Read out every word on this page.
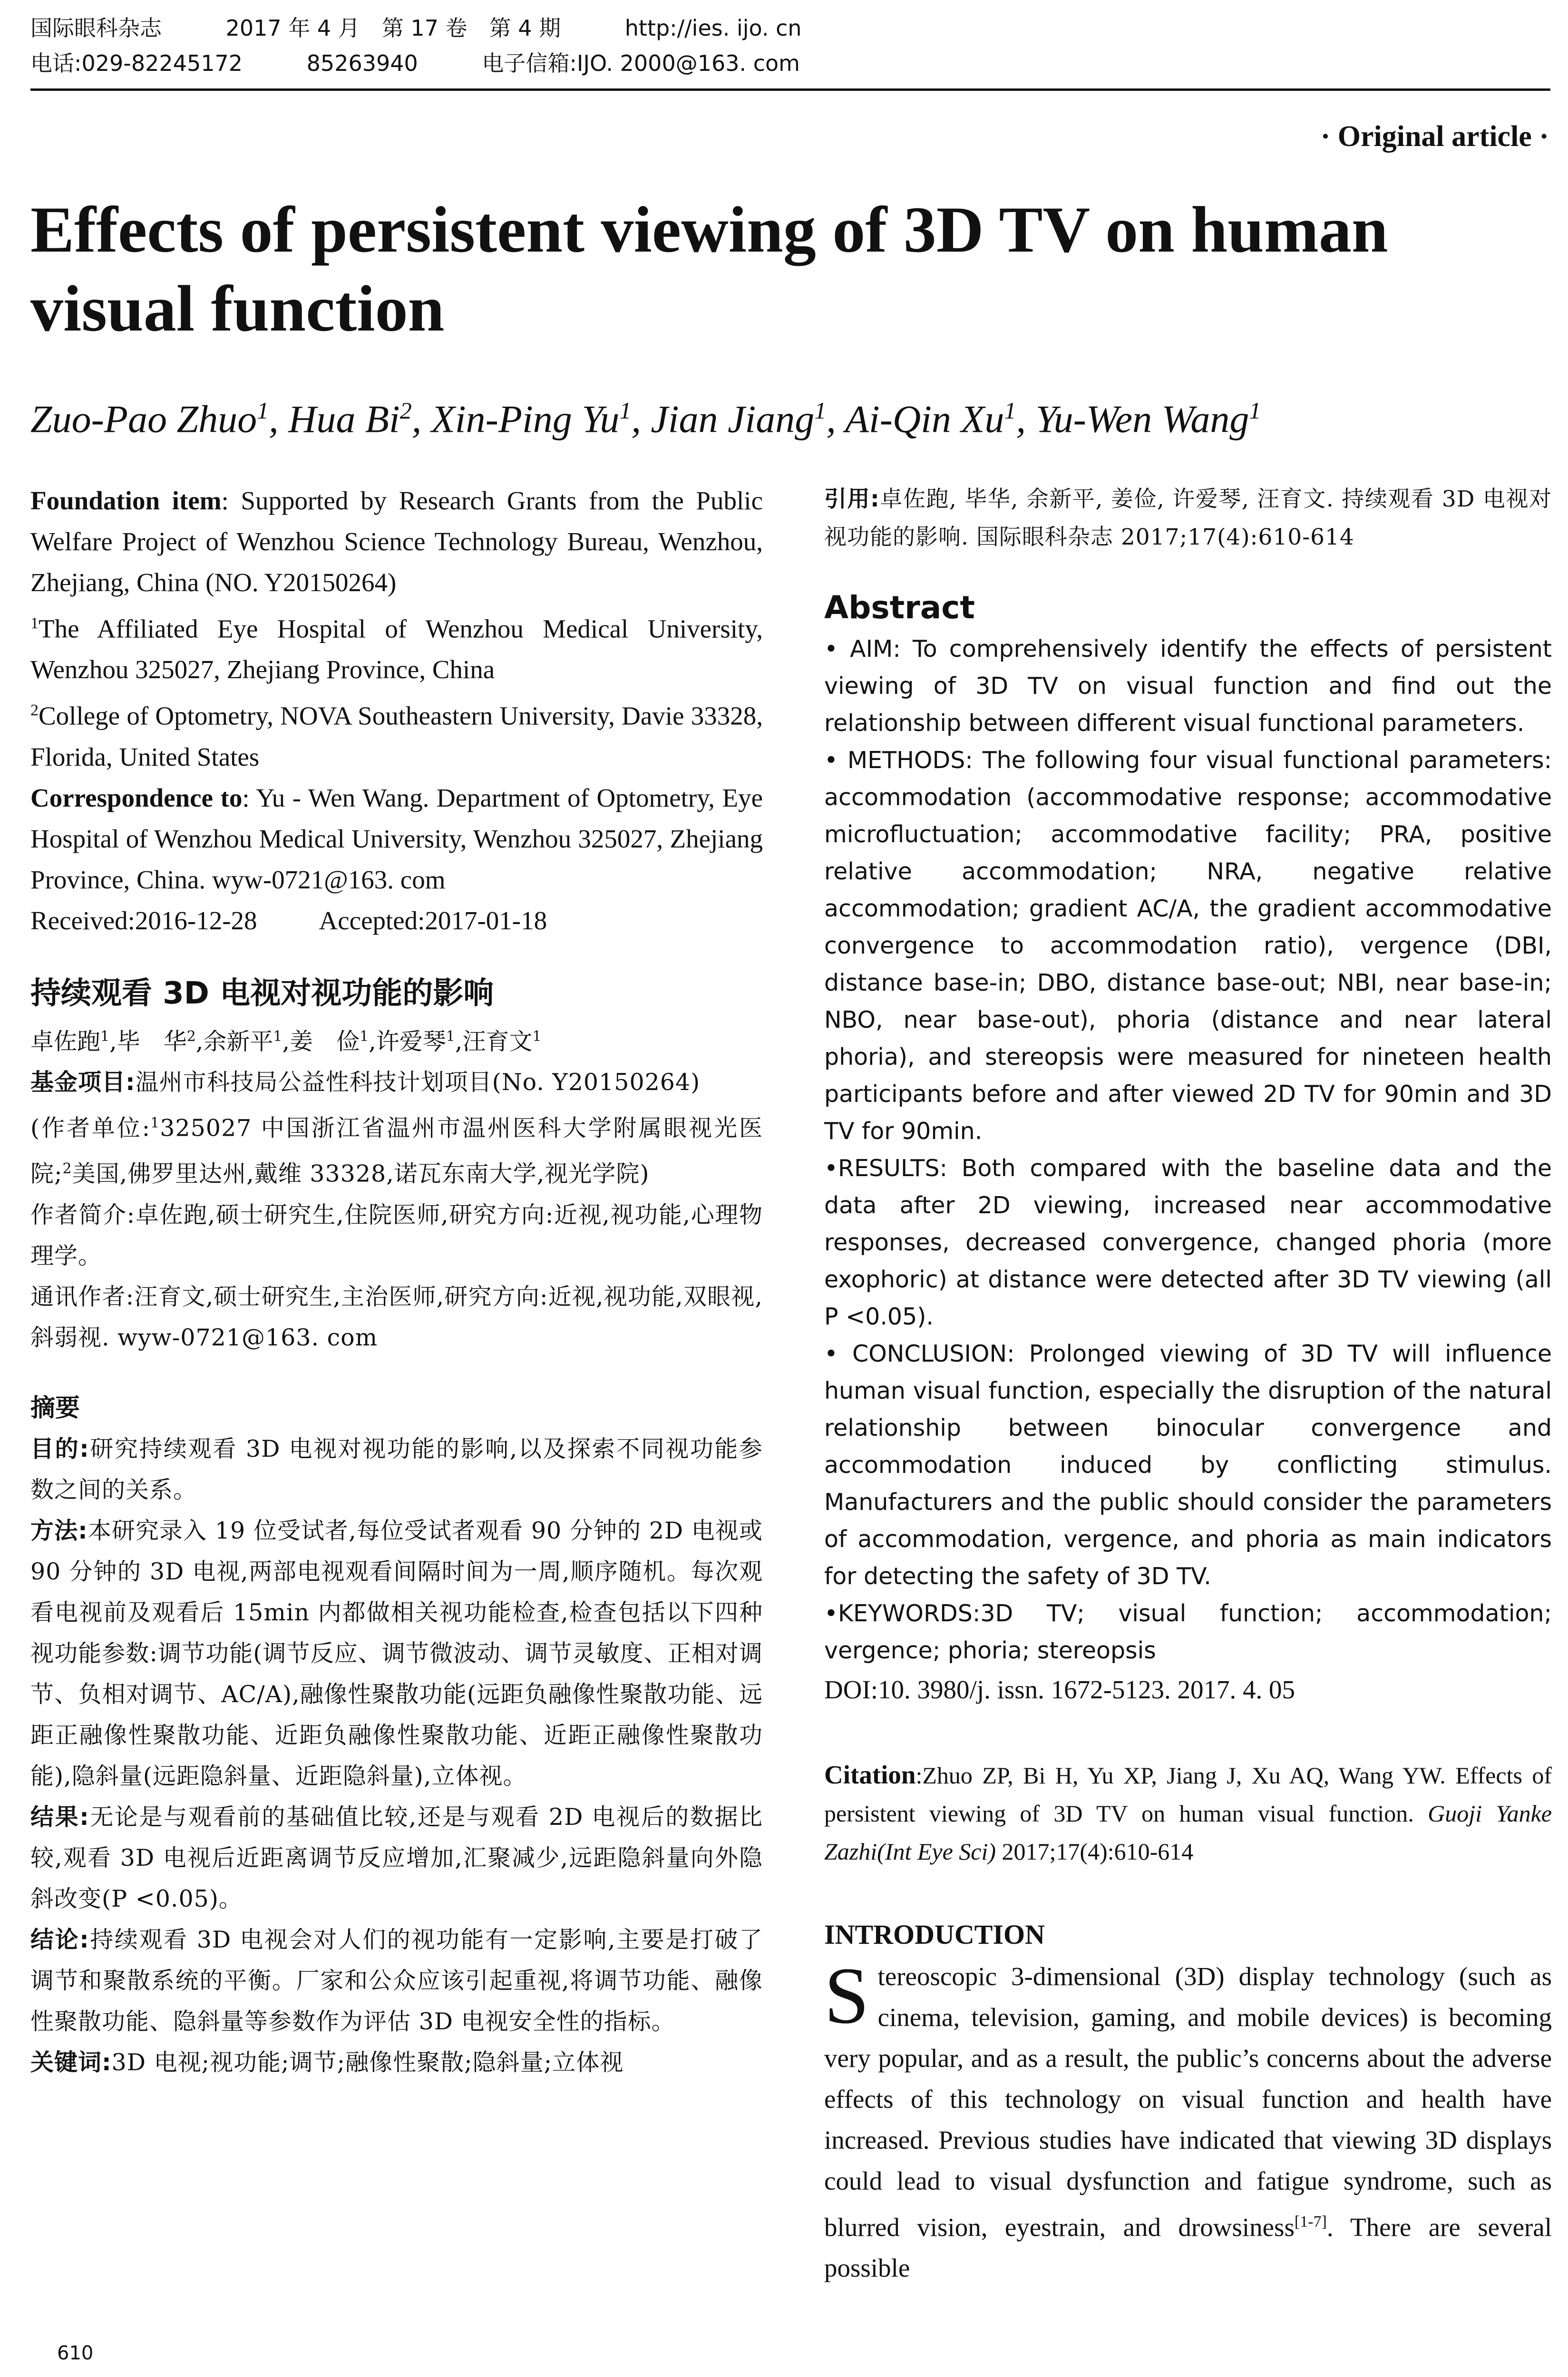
国际眼科杂志	2017 年 4 月　第 17 卷　第 4 期	http://ies. ijo. cn
电话:029-82245172	85263940	电子信箱:IJO. 2000@163. com
· Original article ·
Effects of persistent viewing of 3D TV on human visual function
Zuo-Pao Zhuo$^1$, Hua Bi$^2$, Xin-Ping Yu$^1$, Jian Jiang$^1$, Ai-Qin Xu$^1$, Yu-Wen Wang$^1$

Foundation item: Supported by Research Grants from the Public Welfare Project of Wenzhou Science Technology Bureau, Wenzhou, Zhejiang, China (NO. Y20150264)

$^1$The Affiliated Eye Hospital of Wenzhou Medical University, Wenzhou 325027, Zhejiang Province, China

$^2$College of Optometry, NOVA Southeastern University, Davie 33328, Florida, United States

Correspondence to: Yu - Wen Wang. Department of Optometry, Eye Hospital of Wenzhou Medical University, Wenzhou 325027, Zhejiang Province, China. wyw-0721@163. com

Received:2016-12-28 Accepted:2017-01-18

持续观看 3D 电视对视功能的影响

卓佐跑$^1$,毕　华$^2$,余新平$^1$,姜　俭$^1$,许爱琴$^1$,汪育文$^1$

基金项目:温州市科技局公益性科技计划项目(No. Y20150264)

(作者单位:$^1$325027 中国浙江省温州市温州医科大学附属眼视光医院;$^2$美国,佛罗里达州,戴维 33328,诺瓦东南大学,视光学院)

作者简介:卓佐跑,硕士研究生,住院医师,研究方向:近视,视功能,心理物理学。

通讯作者:汪育文,硕士研究生,主治医师,研究方向:近视,视功能,双眼视,斜弱视. wyw-0721@163. com

摘要

目的:研究持续观看 3D 电视对视功能的影响,以及探索不同视功能参数之间的关系。

方法:本研究录入 19 位受试者,每位受试者观看 90 分钟的 2D 电视或 90 分钟的 3D 电视,两部电视观看间隔时间为一周,顺序随机。每次观看电视前及观看后 15min 内都做相关视功能检查,检查包括以下四种视功能参数:调节功能(调节反应、调节微波动、调节灵敏度、正相对调节、负相对调节、AC/A),融像性聚散功能(远距负融像性聚散功能、远距正融像性聚散功能、近距负融像性聚散功能、近距正融像性聚散功能),隐斜量(远距隐斜量、近距隐斜量),立体视。

结果:无论是与观看前的基础值比较,还是与观看 2D 电视后的数据比较,观看 3D 电视后近距离调节反应增加,汇聚减少,远距隐斜量向外隐斜改变(P <0.05)。

结论:持续观看 3D 电视会对人们的视功能有一定影响,主要是打破了调节和聚散系统的平衡。厂家和公众应该引起重视,将调节功能、融像性聚散功能、隐斜量等参数作为评估 3D 电视安全性的指标。

关键词:3D 电视;视功能;调节;融像性聚散;隐斜量;立体视

引用:卓佐跑, 毕华, 余新平, 姜俭, 许爱琴, 汪育文. 持续观看 3D 电视对视功能的影响. 国际眼科杂志 2017;17(4):610-614

Abstract

• AIM: To comprehensively identify the effects of persistent viewing of 3D TV on visual function and find out the relationship between different visual functional parameters.

• METHODS: The following four visual functional parameters: accommodation (accommodative response; accommodative microfluctuation; accommodative facility; PRA, positive relative accommodation; NRA, negative relative accommodation; gradient AC/A, the gradient accommodative convergence to accommodation ratio), vergence (DBI, distance base-in; DBO, distance base-out; NBI, near base-in; NBO, near base-out), phoria (distance and near lateral phoria), and stereopsis were measured for nineteen health participants before and after viewed 2D TV for 90min and 3D TV for 90min.

•RESULTS: Both compared with the baseline data and the data after 2D viewing, increased near accommodative responses, decreased convergence, changed phoria (more exophoric) at distance were detected after 3D TV viewing (all P <0.05).

• CONCLUSION: Prolonged viewing of 3D TV will influence human visual function, especially the disruption of the natural relationship between binocular convergence and accommodation induced by conflicting stimulus. Manufacturers and the public should consider the parameters of accommodation, vergence, and phoria as main indicators for detecting the safety of 3D TV.

•KEYWORDS:3D TV; visual function; accommodation; vergence; phoria; stereopsis

DOI:10. 3980/j. issn. 1672-5123. 2017. 4. 05

Citation:Zhuo ZP, Bi H, Yu XP, Jiang J, Xu AQ, Wang YW. Effects of persistent viewing of 3D TV on human visual function. Guoji Yanke Zazhi(Int Eye Sci) 2017;17(4):610-614

INTRODUCTION

Stereoscopic 3-dimensional (3D) display technology (such as cinema, television, gaming, and mobile devices) is becoming very popular, and as a result, the public’s concerns about the adverse effects of this technology on visual function and health have increased. Previous studies have indicated that viewing 3D displays could lead to visual dysfunction and fatigue syndrome, such as blurred vision, eyestrain, and drowsiness[1-7]. There are several possible

610
